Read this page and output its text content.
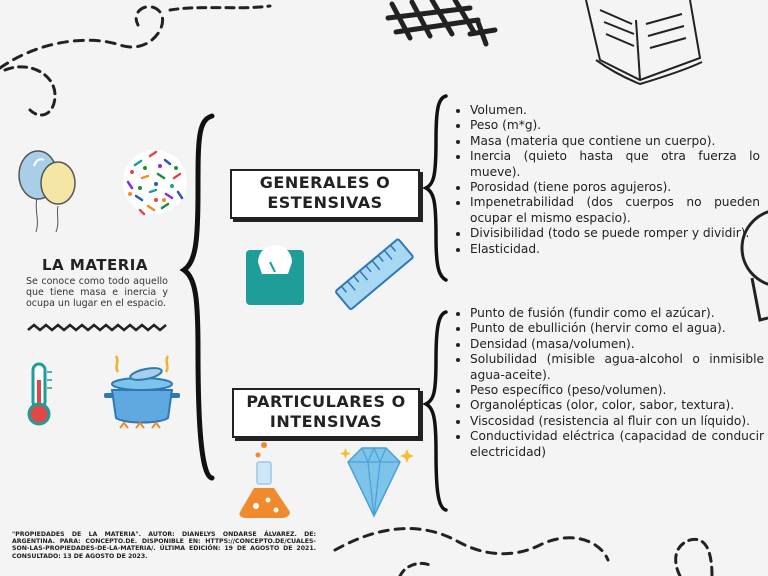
LA MATERIA
Se conoce como todo aquello que tiene masa e inercia y ocupa un lugar en el espacio.
GENERALES O
ESTENSIVAS
PARTICULARES O
INTENSIVAS
• Volumen.
• Peso (m*g).
• Masa (materia que contiene un cuerpo).
• Inercia (quieto hasta que otra fuerza lo mueve).
• Porosidad (tiene poros agujeros).
• Impenetrabilidad (dos cuerpos no pueden ocupar el mismo espacio).
• Divisibilidad (todo se puede romper y dividir).
• Elasticidad.
• Punto de fusión (fundir como el azúcar).
• Punto de ebullición (hervir como el agua).
• Densidad (masa/volumen).
• Solubilidad (misible agua-alcohol o inmisible agua-aceite).
• Peso específico (peso/volumen).
• Organolépticas (olor, color, sabor, textura).
• Viscosidad (resistencia al fluir con un líquido).
• Conductividad eléctrica (capacidad de conducir electricidad)
"PROPIEDADES DE LA MATERIA". AUTOR: DIANELYS ONDARSE ÁLVAREZ. DE: ARGENTINA. PARA: CONCEPTO.DE. DISPONIBLE EN: HTTPS://CONCEPTO.DE/CUALES-SON-LAS-PROPIEDADES-DE-LA-MATERIA/. ÚLTIMA EDICIÓN: 19 DE AGOSTO DE 2021. CONSULTADO: 13 DE AGOSTO DE 2023.
